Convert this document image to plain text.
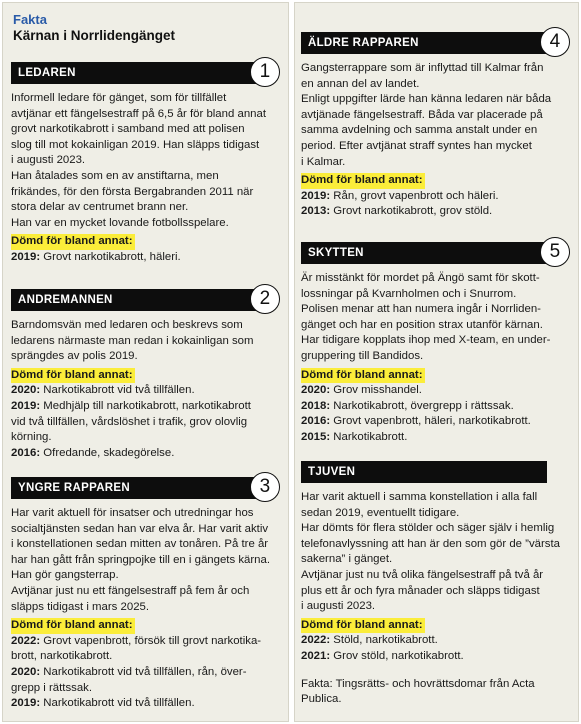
Fakta
Kärnan i Norrlidengänget
LEDAREN	1
Informell ledare för gänget, som för tillfället
avtjänar ett fängelsestraff på 6,5 år för bland annat
grovt narkotikabrott i samband med att polisen
slog till mot kokainligan 2019. Han släpps tidigast
i augusti 2023.
Han åtalades som en av anstiftarna, men
frikändes, för den första Bergabranden 2011 när
stora delar av centrumet brann ner.
Han var en mycket lovande fotbollsspelare.
Dömd för bland annat:
2019: Grovt narkotikabrott, häleri.
ANDREMANNEN	2
Barndomsvän med ledaren och beskrevs som
ledarens närmaste man redan i kokainligan som
sprängdes av polis 2019.
Dömd för bland annat:
2020: Narkotikabrott vid två tillfällen.
2019: Medhjälp till narkotikabrott, narkotikabrott
vid två tillfällen, vårdslöshet i trafik, grov olovlig
körning.
2016: Ofredande, skadegörelse.
YNGRE RAPPAREN	3
Har varit aktuell för insatser och utredningar hos
socialtjänsten sedan han var elva år. Har varit aktiv
i konstellationen sedan mitten av tonåren. På tre år
har han gått från springpojke till en i gängets kärna.
Han gör gangsterrap.
Avtjänar just nu ett fängelsestraff på fem år och
släpps tidigast i mars 2025.
Dömd för bland annat:
2022: Grovt vapenbrott, försök till grovt narkotika-
brott, narkotikabrott.
2020: Narkotikabrott vid två tillfällen, rån, över-
grepp i rättssak.
2019: Narkotikabrott vid två tillfällen.
ÄLDRE RAPPAREN	4
Gangsterrappare som är inflyttad till Kalmar från
en annan del av landet.
Enligt uppgifter lärde han känna ledaren när båda
avtjänade fängelsestraff. Båda var placerade på
samma avdelning och samma anstalt under en
period. Efter avtjänat straff syntes han mycket
i Kalmar.
Dömd för bland annat:
2019: Rån, grovt vapenbrott och häleri.
2013: Grovt narkotikabrott, grov stöld.
SKYTTEN	5
Är misstänkt för mordet på Ängö samt för skott-
lossningar på Kvarnholmen och i Snurrom.
Polisen menar att han numera ingår i Norrliden-
gänget och har en position strax utanför kärnan.
Har tidigare kopplats ihop med X-team, en under-
gruppering till Bandidos.
Dömd för bland annat:
2020: Grov misshandel.
2018: Narkotikabrott, övergrepp i rättssak.
2016: Grovt vapenbrott, häleri, narkotikabrott.
2015: Narkotikabrott.
TJUVEN
Har varit aktuell i samma konstellation i alla fall
sedan 2019, eventuellt tidigare.
Har dömts för flera stölder och säger själv i hemlig
telefonavlyssning att han är den som gör de ”värsta
sakerna” i gänget.
Avtjänar just nu två olika fängelsestraff på två år
plus ett år och fyra månader och släpps tidigast
i augusti 2023.
Dömd för bland annat:
2022: Stöld, narkotikabrott.
2021: Grov stöld, narkotikabrott.
Fakta: Tingsrätts- och hovrättsdomar från Acta
Publica.
